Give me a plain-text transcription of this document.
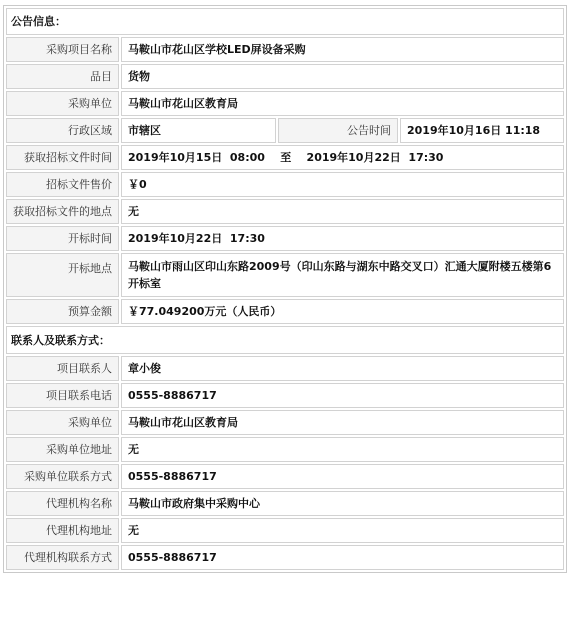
公告信息：			
采购项目名称	马鞍山市花山区学校LED屏设备采购		
品目	货物		
采购单位	马鞍山市花山区教育局		
行政区域	市辖区	公告时间	2019年10月16日 11:18
获取招标文件时间	2019年10月15日  08:00    至    2019年10月22日  17:30		
招标文件售价	￥0		
获取招标文件的地点	无		
开标时间	2019年10月22日  17:30		
开标地点	马鞍山市雨山区印山东路2009号（印山东路与湖东中路交叉口）汇通大厦附楼五楼第6开标室		
预算金额	￥77.049200万元（人民币）		
联系人及联系方式：			
项目联系人	章小俊		
项目联系电话	0555-8886717		
采购单位	马鞍山市花山区教育局		
采购单位地址	无		
采购单位联系方式	0555-8886717		
代理机构名称	马鞍山市政府集中采购中心		
代理机构地址	无		
代理机构联系方式	0555-8886717		
